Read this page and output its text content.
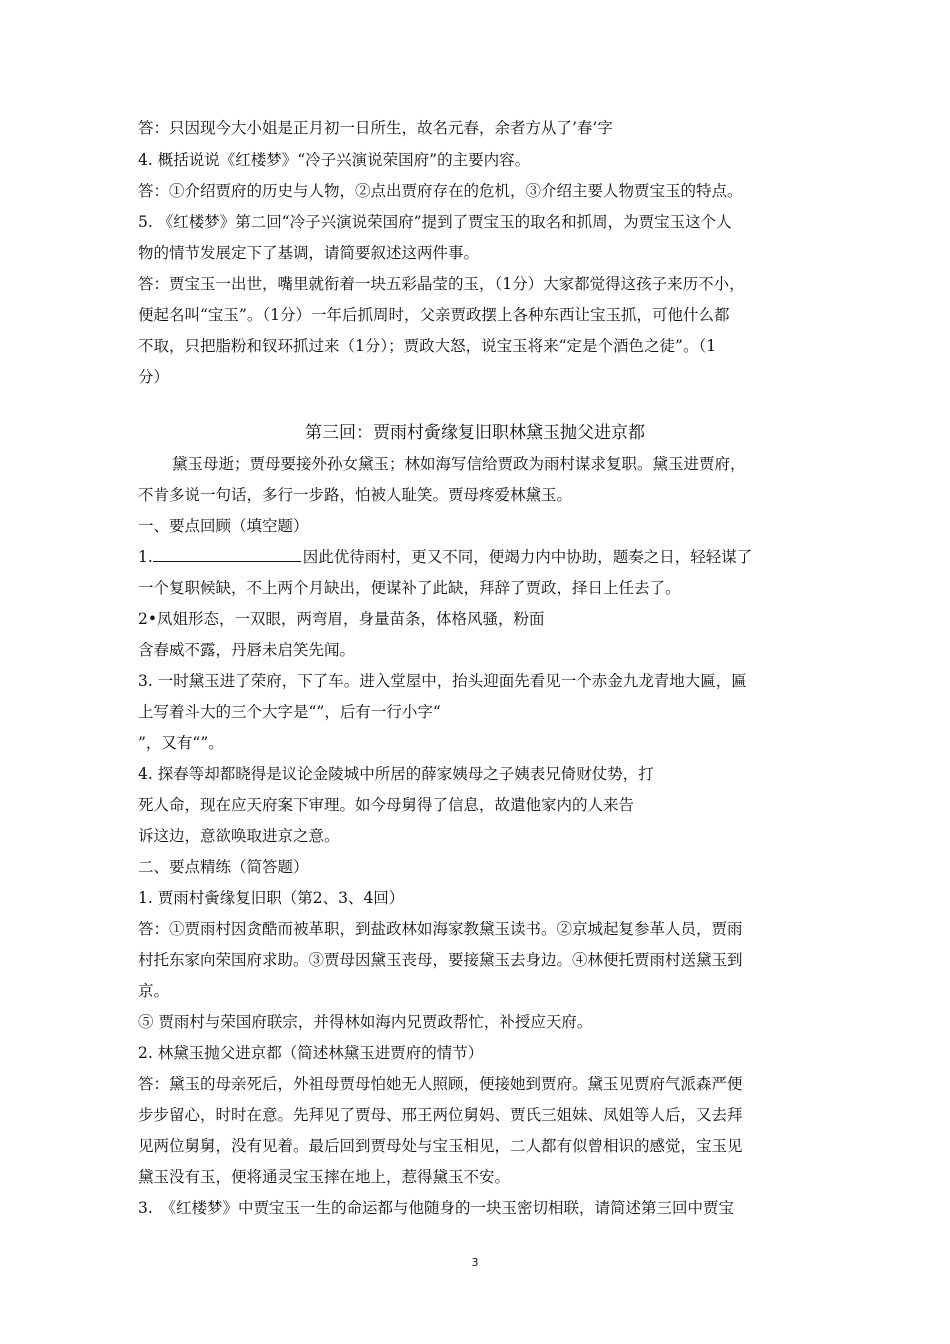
答：只因现今大小姐是正月初一日所生，故名元春，余者方从了’春’字
4. 概括说说《红楼梦》“冷子兴演说荣国府”的主要内容。
答：①介绍贾府的历史与人物，②点出贾府存在的危机，③介绍主要人物贾宝玉的特点。
5. 《红楼梦》第二回“冷子兴演说荣国府”提到了贾宝玉的取名和抓周，为贾宝玉这个人
物的情节发展定下了基调，请简要叙述这两件事。
答：贾宝玉一出世，嘴里就衔着一块五彩晶莹的玉，（1分）大家都觉得这孩子来历不小，
便起名叫“宝玉”。（1分）一年后抓周时，父亲贾政摆上各种东西让宝玉抓，可他什么都
不取，只把脂粉和钗环抓过来（1分）；贾政大怒，说宝玉将来“定是个酒色之徒”。（1
分）
第三回：贾雨村夤缘复旧职林黛玉抛父进京都
黛玉母逝；贾母要接外孙女黛玉；林如海写信给贾政为雨村谋求复职。黛玉进贾府，
不肯多说一句话，多行一步路，怕被人耻笑。贾母疼爱林黛玉。
一、要点回顾（填空题）
1.	因此优待雨村，更又不同，便竭力内中协助，题奏之日，轻轻谋了
一个复职候缺，不上两个月缺出，便谋补了此缺，拜辞了贾政，择日上任去了。
2•凤姐形态，一双眼，两弯眉，身量苗条，体格风骚，粉面
含春威不露，丹唇未启笑先闻。
3. 一时黛玉进了荣府，下了车。进入堂屋中，抬头迎面先看见一个赤金九龙青地大匾，匾
上写着斗大的三个大字是“”，后有一行小字“
”，又有“”。
4. 探春等却都晓得是议论金陵城中所居的薛家姨母之子姨表兄倚财仗势，打
死人命，现在应天府案下审理。如今母舅得了信息，故遣他家内的人来告
诉这边，意欲唤取进京之意。
二、要点精练（简答题）
1. 贾雨村夤缘复旧职（第2、3、4回）
答：①贾雨村因贪酷而被革职，到盐政林如海家教黛玉读书。②京城起复参革人员，贾雨
村托东家向荣国府求助。③贾母因黛玉丧母，要接黛玉去身边。④林便托贾雨村送黛玉到
京。
⑤ 贾雨村与荣国府联宗，并得林如海内兄贾政帮忙，补授应天府。
2. 林黛玉抛父进京都（简述林黛玉进贾府的情节）
答：黛玉的母亲死后，外祖母贾母怕她无人照顾，便接她到贾府。黛玉见贾府气派森严便
步步留心，时时在意。先拜见了贾母、邢王两位舅妈、贾氏三姐妹、凤姐等人后，又去拜
见两位舅舅，没有见着。最后回到贾母处与宝玉相见，二人都有似曾相识的感觉，宝玉见
黛玉没有玉，便将通灵宝玉摔在地上，惹得黛玉不安。
3.　《红楼梦》中贾宝玉一生的命运都与他随身的一块玉密切相联，请简述第三回中贾宝
3
